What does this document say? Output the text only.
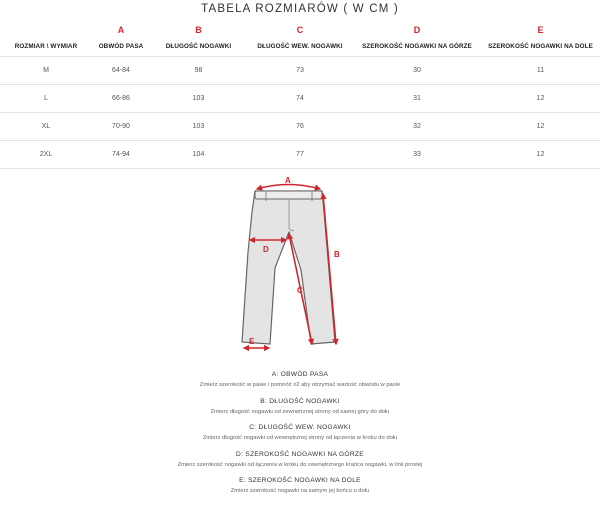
TABELA ROZMIARÓW ( W CM )
	A	B	C	D	E
ROZMIAR \ WYMIAR	OBWÓD PASA	DŁUGOŚĆ NOGAWKI	DŁUGOŚĆ WEW. NOGAWKI	SZEROKOŚĆ NOGAWKI NA GÓRZE	SZEROKOŚĆ NOGAWKI NA DOLE
M	64-84	98	73	30	11
L	66-86	103	74	31	12
XL	70-90	103	76	32	12
2XL	74-94	104	77	33	12
A
B
C
D
E
A: OBWÓD PASA
Zmierz szerokość w pasie i pomnóż x2 aby otrzymać wartość obwodu w pasie
B: DŁUGOŚĆ NOGAWKI
Zmierz długość nogawki od zewnętrznej strony od samej góry do dołu
C: DŁUGOŚĆ WEW. NOGAWKI
Zmierz długość nogawki od wewnętrznej strony od łączenia w kroku do dołu
D: SZEROKOŚĆ NOGAWKI NA GÓRZE
Zmierz szerokość nogawki od łączenia w kroku do zewnętrznego krańca nogawki, w linii prostej
E: SZEROKOŚĆ NOGAWKI NA DOLE
Zmierz szerokość nogawki na samym jej końcu u dołu
